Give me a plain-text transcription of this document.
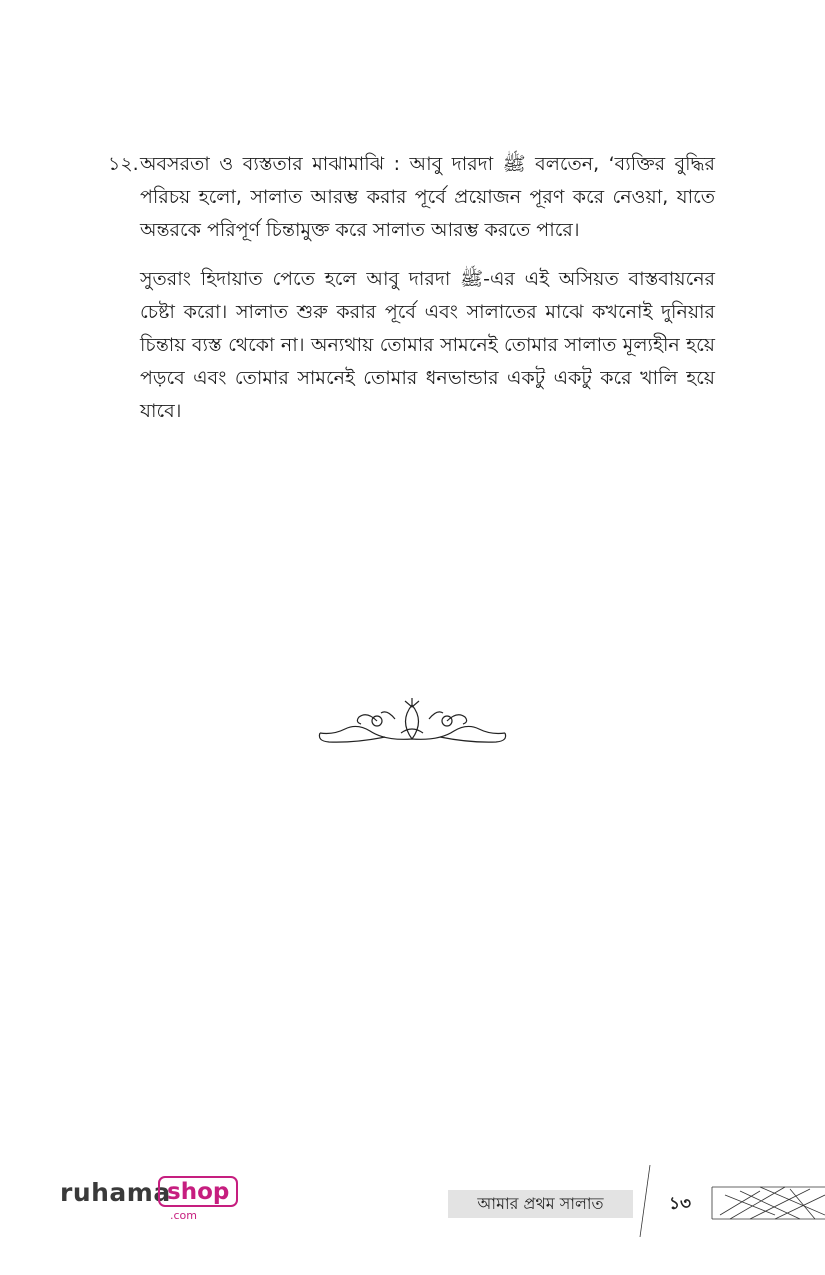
১২. অবসরতা ও ব্যস্ততার মাঝামাঝি : আবু দারদা ﷺ বলতেন, ‘ব্যক্তির বুদ্ধির পরিচয় হলো, সালাত আরম্ভ করার পূর্বে প্রয়োজন পূরণ করে নেওয়া, যাতে অন্তরকে পরিপূর্ণ চিন্তামুক্ত করে সালাত আরম্ভ করতে পারে।
সুতরাং হিদায়াত পেতে হলে আবু দারদা ﷺ-এর এই অসিয়ত বাস্তবায়নের চেষ্টা করো। সালাত শুরু করার পূর্বে এবং সালাতের মাঝে কখনোই দুনিয়ার চিন্তায় ব্যস্ত থেকো না। অন্যথায় তোমার সামনেই তোমার সালাত মূল্যহীন হয়ে পড়বে এবং তোমার সামনেই তোমার ধনভান্ডার একটু একটু করে খালি হয়ে যাবে।
ruhama
shop
.com
আমার প্রথম সালাত	১৩
